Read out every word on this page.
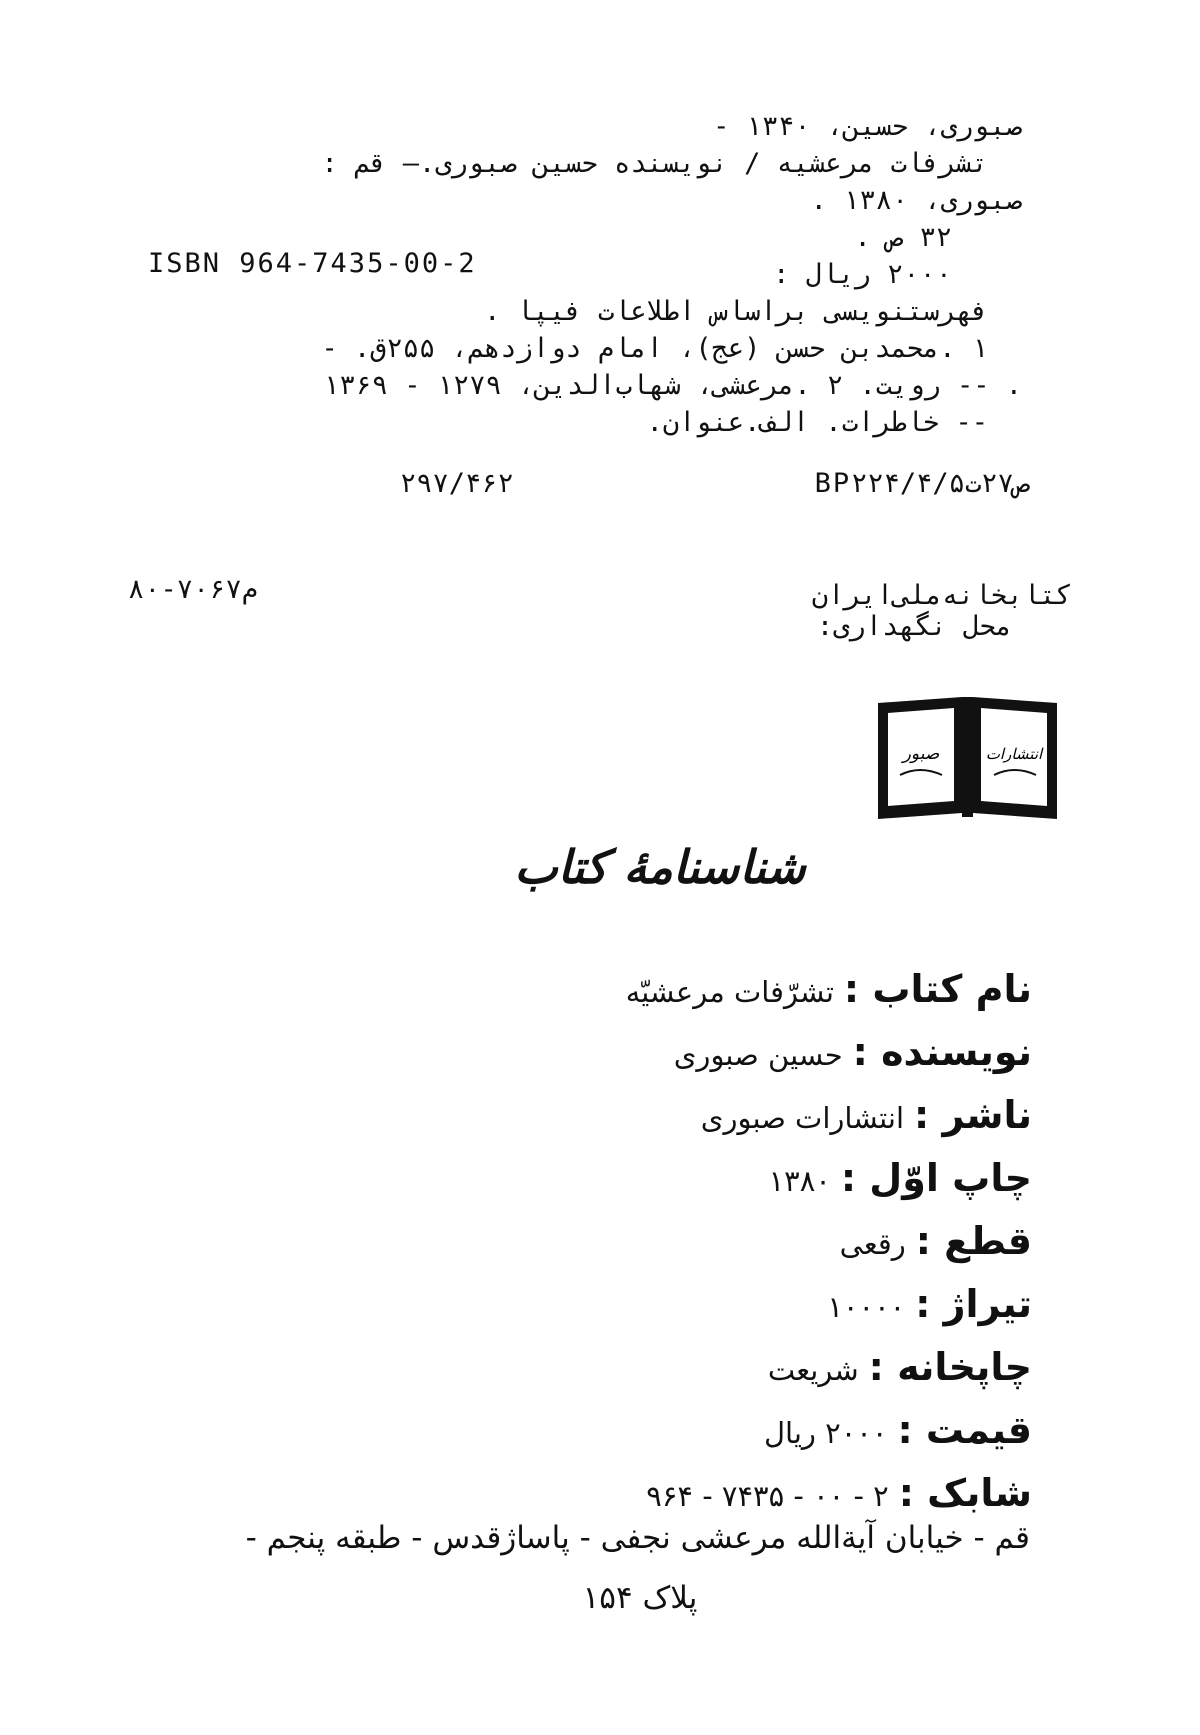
صبوری، حسین، ۱۳۴۰ -
تشرفات مرعشیه / نویسنده حسین صبوری.— قم :
صبوری، ۱۳۸۰ .
۳۲ ص .
۲۰۰۰ ریال :
فهرستنویسی براساس اطلاعات فیپا .
۱ .محمدبن حسن (عج)، امام دوازدهم، ۲۵۵ق. -
. -- رویت. ۲ .مرعشی، شهاب‌الدین، ۱۲۷۹ - ۱۳۶۹
-- خاطرات. الف.عنوان.
ISBN 964-7435-00-2
۲۹۷/۴۶۲	BP۲۲۴/۴/ص۲۷ت۵
کتابخانه‌ملی‌ایران
محل نگهداری:
۸۰-۷۰۶۷م
صبور	انتشارات
شناسنامهٔ کتاب
نام کتاب :تشرّفات مرعشیّه
نویسنده :حسین صبوری
ناشر :انتشارات صبوری
چاپ اوّل :۱۳۸۰
قطع :رقعی
تیراژ :۱۰۰۰۰
چاپخانه :شریعت
قیمت :۲۰۰۰ ریال
شابک :۲ - ۰۰ - ۷۴۳۵ - ۹۶۴
قم - خیابان آیة‌الله مرعشی نجفی - پاساژقدس - طبقه پنجم -
پلاک ۱۵۴
